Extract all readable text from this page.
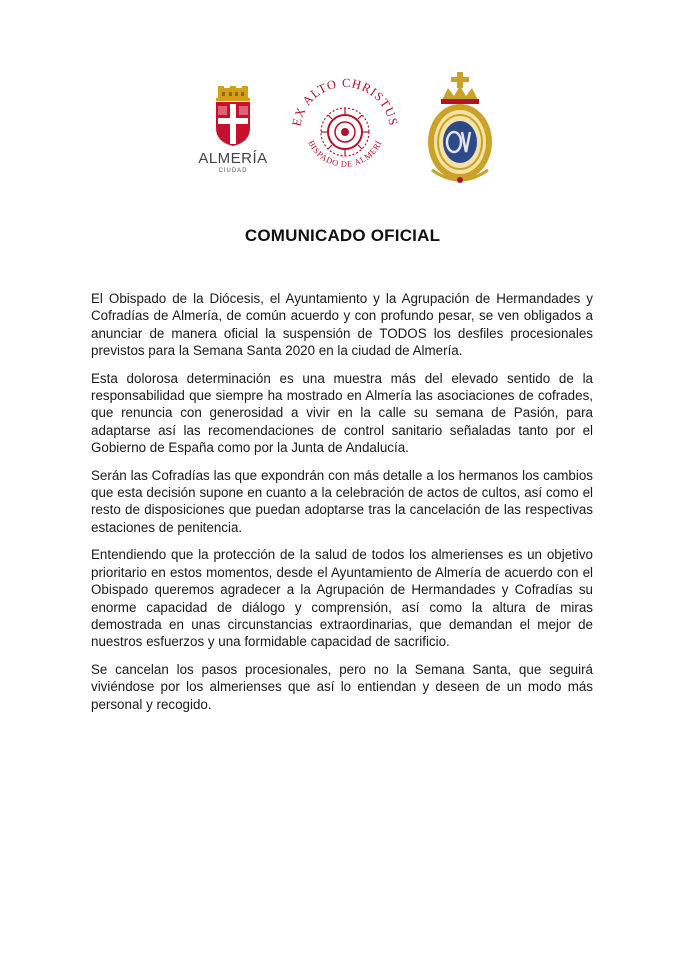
ALMERÍA
CIUDAD
EX ALTO CHRISTUS
BISPADO DE ALMERÍ
COMUNICADO OFICIAL

El Obispado de la Diócesis, el Ayuntamiento y la Agrupación de Hermandades y Cofradías de Almería, de común acuerdo y con profundo pesar, se ven obligados a anunciar de manera oficial la suspensión de TODOS los desfiles procesionales previstos para la Semana Santa 2020 en la ciudad de Almería.

Esta dolorosa determinación es una muestra más del elevado sentido de la responsabilidad que siempre ha mostrado en Almería las asociaciones de cofrades, que renuncia con generosidad a vivir en la calle su semana de Pasión, para adaptarse así las recomendaciones de control sanitario señaladas tanto por el Gobierno de España como por la Junta de Andalucía.

Serán las Cofradías las que expondrán con más detalle a los hermanos los cambios que esta decisión supone en cuanto a la celebración de actos de cultos, así como el resto de disposiciones que puedan adoptarse tras la cancelación de las respectivas estaciones de penitencia.

Entendiendo que la protección de la salud de todos los almerienses es un objetivo prioritario en estos momentos, desde el Ayuntamiento de Almería de acuerdo con el Obispado queremos agradecer a la Agrupación de Hermandades y Cofradías su enorme capacidad de diálogo y comprensión, así como la altura de miras demostrada en unas circunstancias extraordinarias, que demandan el mejor de nuestros esfuerzos y una formidable capacidad de sacrificio.

Se cancelan los pasos procesionales, pero no la Semana Santa, que seguirá viviéndose por los almerienses que así lo entiendan y deseen de un modo más personal y recogido.
